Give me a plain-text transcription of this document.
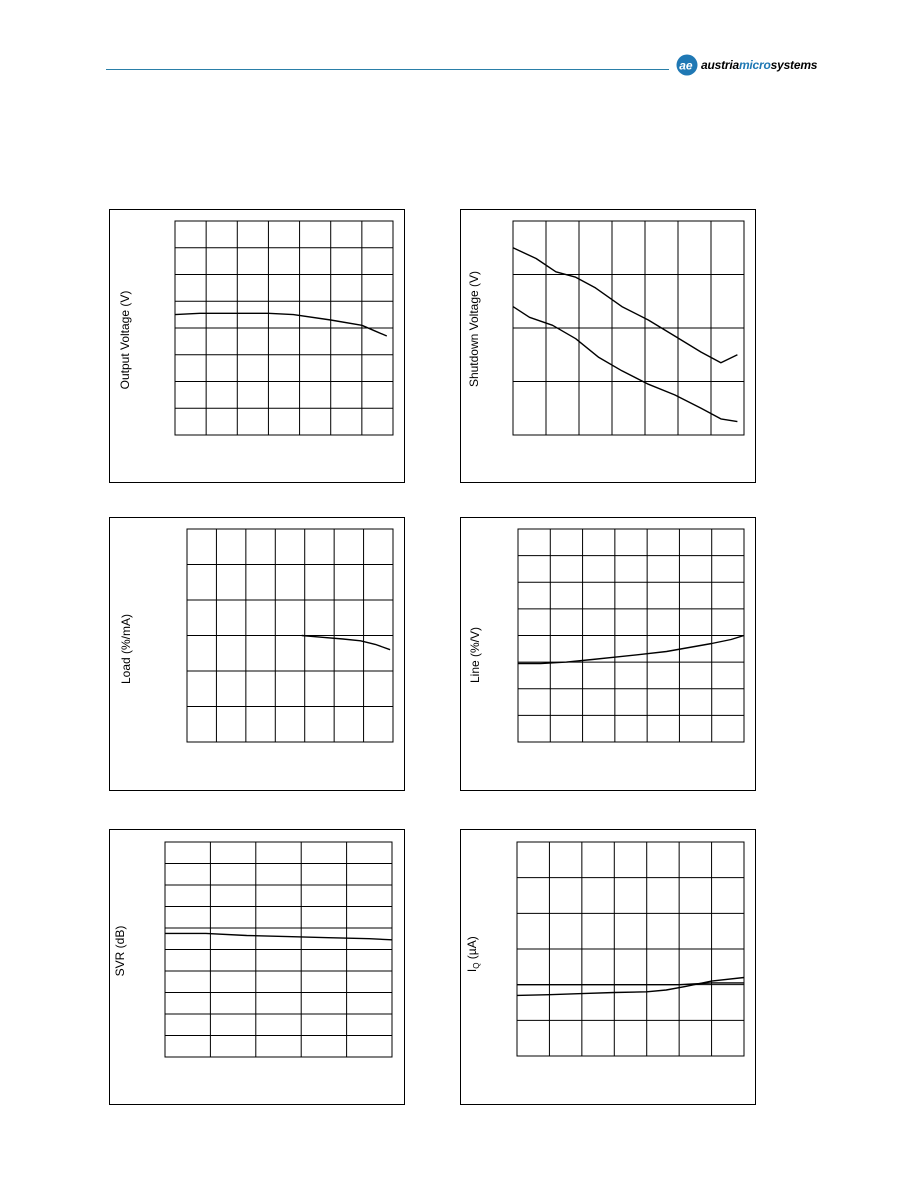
ae austriamicrosystems
Output Voltage (V)	Shutdown Voltage (V)
Load (%/mA)	Line (%/V)
SVR (dB)	$I_Q$ (µA)
